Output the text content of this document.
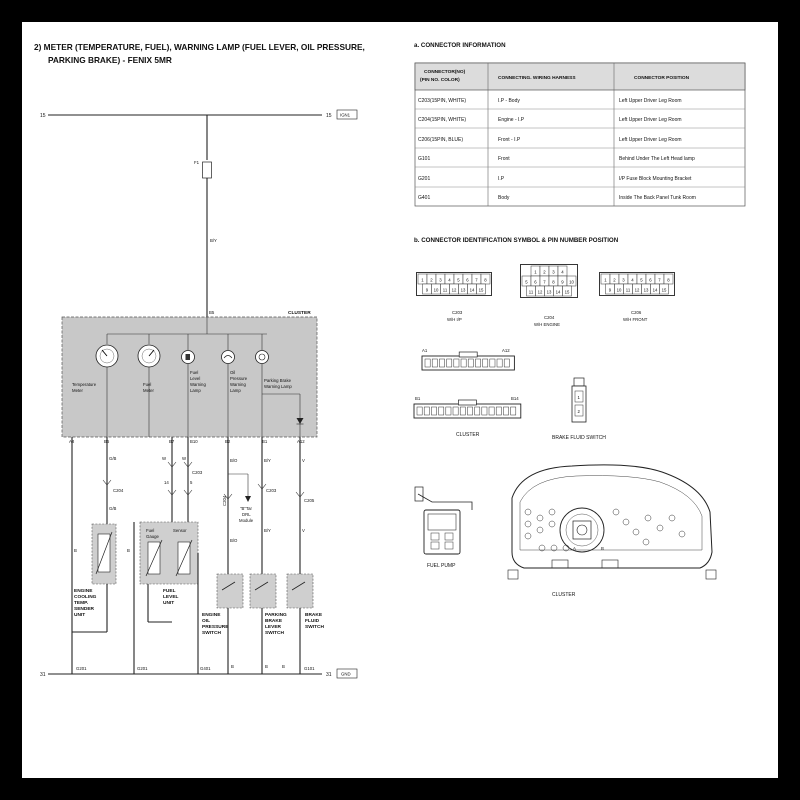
2) METER (TEMPERATURE, FUEL), WARNING LAMP (FUEL LEVER, OIL PRESSURE,
PARKING BRAKE) - FENIX 5MR
15	15 IGN1
F1
B/Y
CLUSTER
B5
Temperature Meter
Fuel Meter
Fuel Level Warning Lamp
Oil Pressure Warning Lamp
Parking Brake Warning Lamp
A8	B6	B7	B10	B2	B1	A12
B
G/B
C204
G/B
ENGINE COOLING TEMP. SENDER UNIT
W	W
C203
14	5
Fuel Gauge
Sensor
B
FUEL LEVEL UNIT
B/O
"B"Tar DRL Module
C204
B/O
ENGINE OIL PRESSURE SWITCH
B/Y
C203
B/Y
PARKING BRAKE LEVER SWITCH
V
C205
V
BRAKE FLUID SWITCH
G201	G201	G401	G101
B	B	B
31	31 GND
a. CONNECTOR INFORMATION
CONNECTOR(NO)
(PIN NO. COLOR)	CONNECTING. WIRING HARNESS	CONNECTOR POSITION
C203(15PIN, WHITE)	I.P - Body	Left Upper Driver Leg Room
C204(15PIN, WHITE)	Engine - I.P	Left Upper Driver Leg Room
C206(15PIN, BLUE)	Front - I.P	Left Upper Driver Leg Room
G101	Front	Behind Under The Left Head lamp
G201	I.P	I/P Fuse Block Mounting Bracket
G401	Body	Inside The Back Panel Tunk Room
b. CONNECTOR IDENTIFICATION SYMBOL & PIN NUMBER POSITION
1 2 3 4 5 6 7 8
9 10 11 12 13 14 15
1 2 3 4
5 6 7 8 9 10
11 12 13 14 15
1 2 3 4 5 6 7 8
9 10 11 12 13 14 15
C203
W/H I/P	C204
W/H ENGINE
C206
W/H FRONT
A1	A12
B1	B14
CLUSTER
1
2
BRAKE FLUID SWITCH
FUEL PUMP
A	B
CLUSTER
